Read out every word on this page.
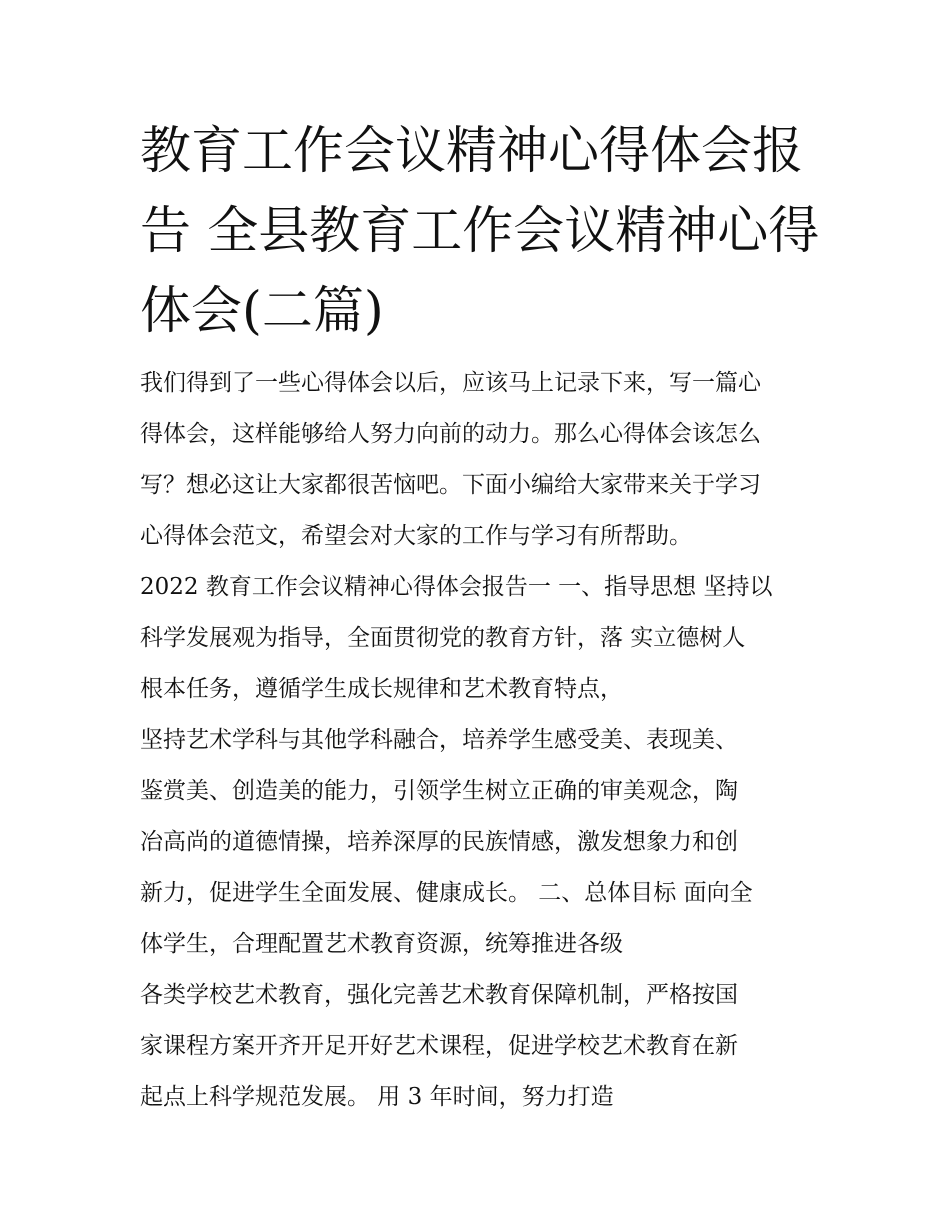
教育工作会议精神心得体会报
告 全县教育工作会议精神心得
体会(二篇)
我们得到了一些心得体会以后，应该马上记录下来，写一篇心
得体会，这样能够给人努力向前的动力。那么心得体会该怎么
写？想必这让大家都很苦恼吧。下面小编给大家带来关于学习
心得体会范文，希望会对大家的工作与学习有所帮助。
2022 教育工作会议精神心得体会报告一 一、指导思想 坚持以
科学发展观为指导，全面贯彻党的教育方针，落 实立德树人
根本任务，遵循学生成长规律和艺术教育特点，
坚持艺术学科与其他学科融合，培养学生感受美、表现美、
鉴赏美、创造美的能力，引领学生树立正确的审美观念，陶
冶高尚的道德情操，培养深厚的民族情感，激发想象力和创
新力，促进学生全面发展、健康成长。 二、总体目标 面向全
体学生，合理配置艺术教育资源，统筹推进各级
各类学校艺术教育，强化完善艺术教育保障机制，严格按国
家课程方案开齐开足开好艺术课程，促进学校艺术教育在新
起点上科学规范发展。 用 3 年时间，努力打造
